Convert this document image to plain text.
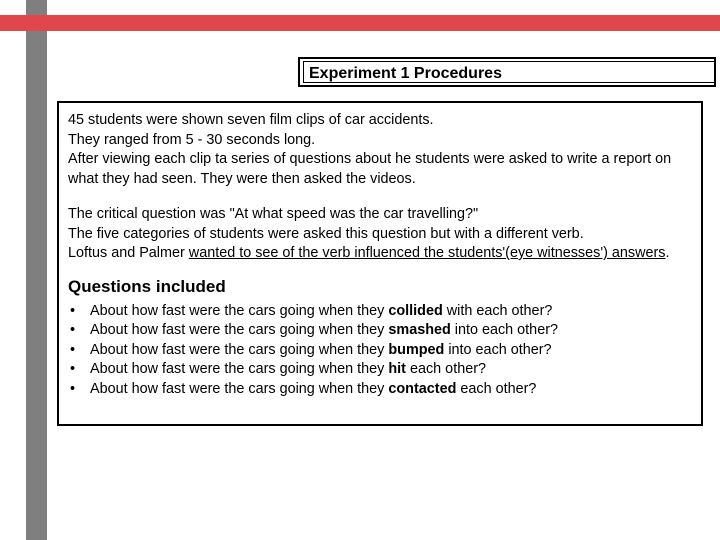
Experiment 1 Procedures

45 students were shown seven film clips of car accidents.

They ranged from 5 - 30 seconds long.

After viewing each clip ta series of questions about he students were asked to write a report on what they had seen. They were then asked the videos.

The critical question was "At what speed was the car travelling?"

The five categories of students were asked this question but with a different verb.

Loftus and Palmer wanted to see of the verb influenced the students'(eye witnesses') answers.

Questions included
• About how fast were the cars going when they collided with each other?
• About how fast were the cars going when they smashed into each other?
• About how fast were the cars going when they bumped into each other?
• About how fast were the cars going when they hit each other?
• About how fast were the cars going when they contacted each other?
